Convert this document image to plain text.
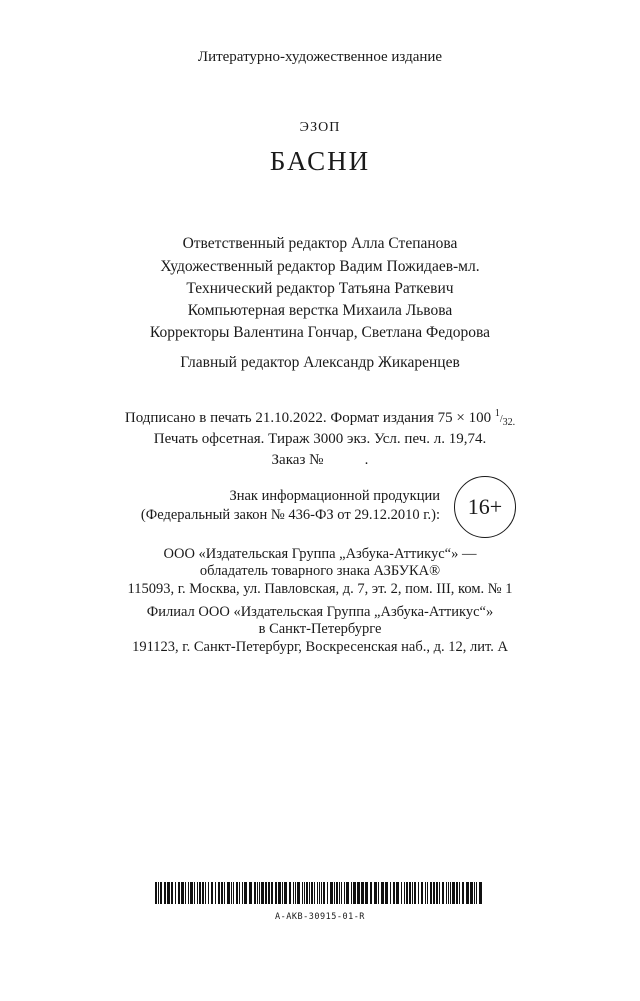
Литературно-художественное издание
ЭЗОП
БАСНИ
Ответственный редактор Алла Степанова
Художественный редактор Вадим Пожидаев-мл.
Технический редактор Татьяна Раткевич
Компьютерная верстка Михаила Львова
Корректоры Валентина Гончар, Светлана Федорова
Главный редактор Александр Жикаренцев
Подписано в печать 21.10.2022. Формат издания 75 × 100 1/32.
Печать офсетная. Тираж 3000 экз. Усл. печ. л. 19,74.
Заказ №           .
Знак информационной продукции
(Федеральный закон № 436-ФЗ от 29.12.2010 г.): 16+
ООО «Издательская Группа „Азбука-Аттикус“» —
обладатель товарного знака АЗБУКА®
115093, г. Москва, ул. Павловская, д. 7, эт. 2, пом. III, ком. № 1
Филиал ООО «Издательская Группа „Азбука-Аттикус“»
в Санкт-Петербурге
191123, г. Санкт-Петербург, Воскресенская наб., д. 12, лит. А
A-AKB-30915-01-R
